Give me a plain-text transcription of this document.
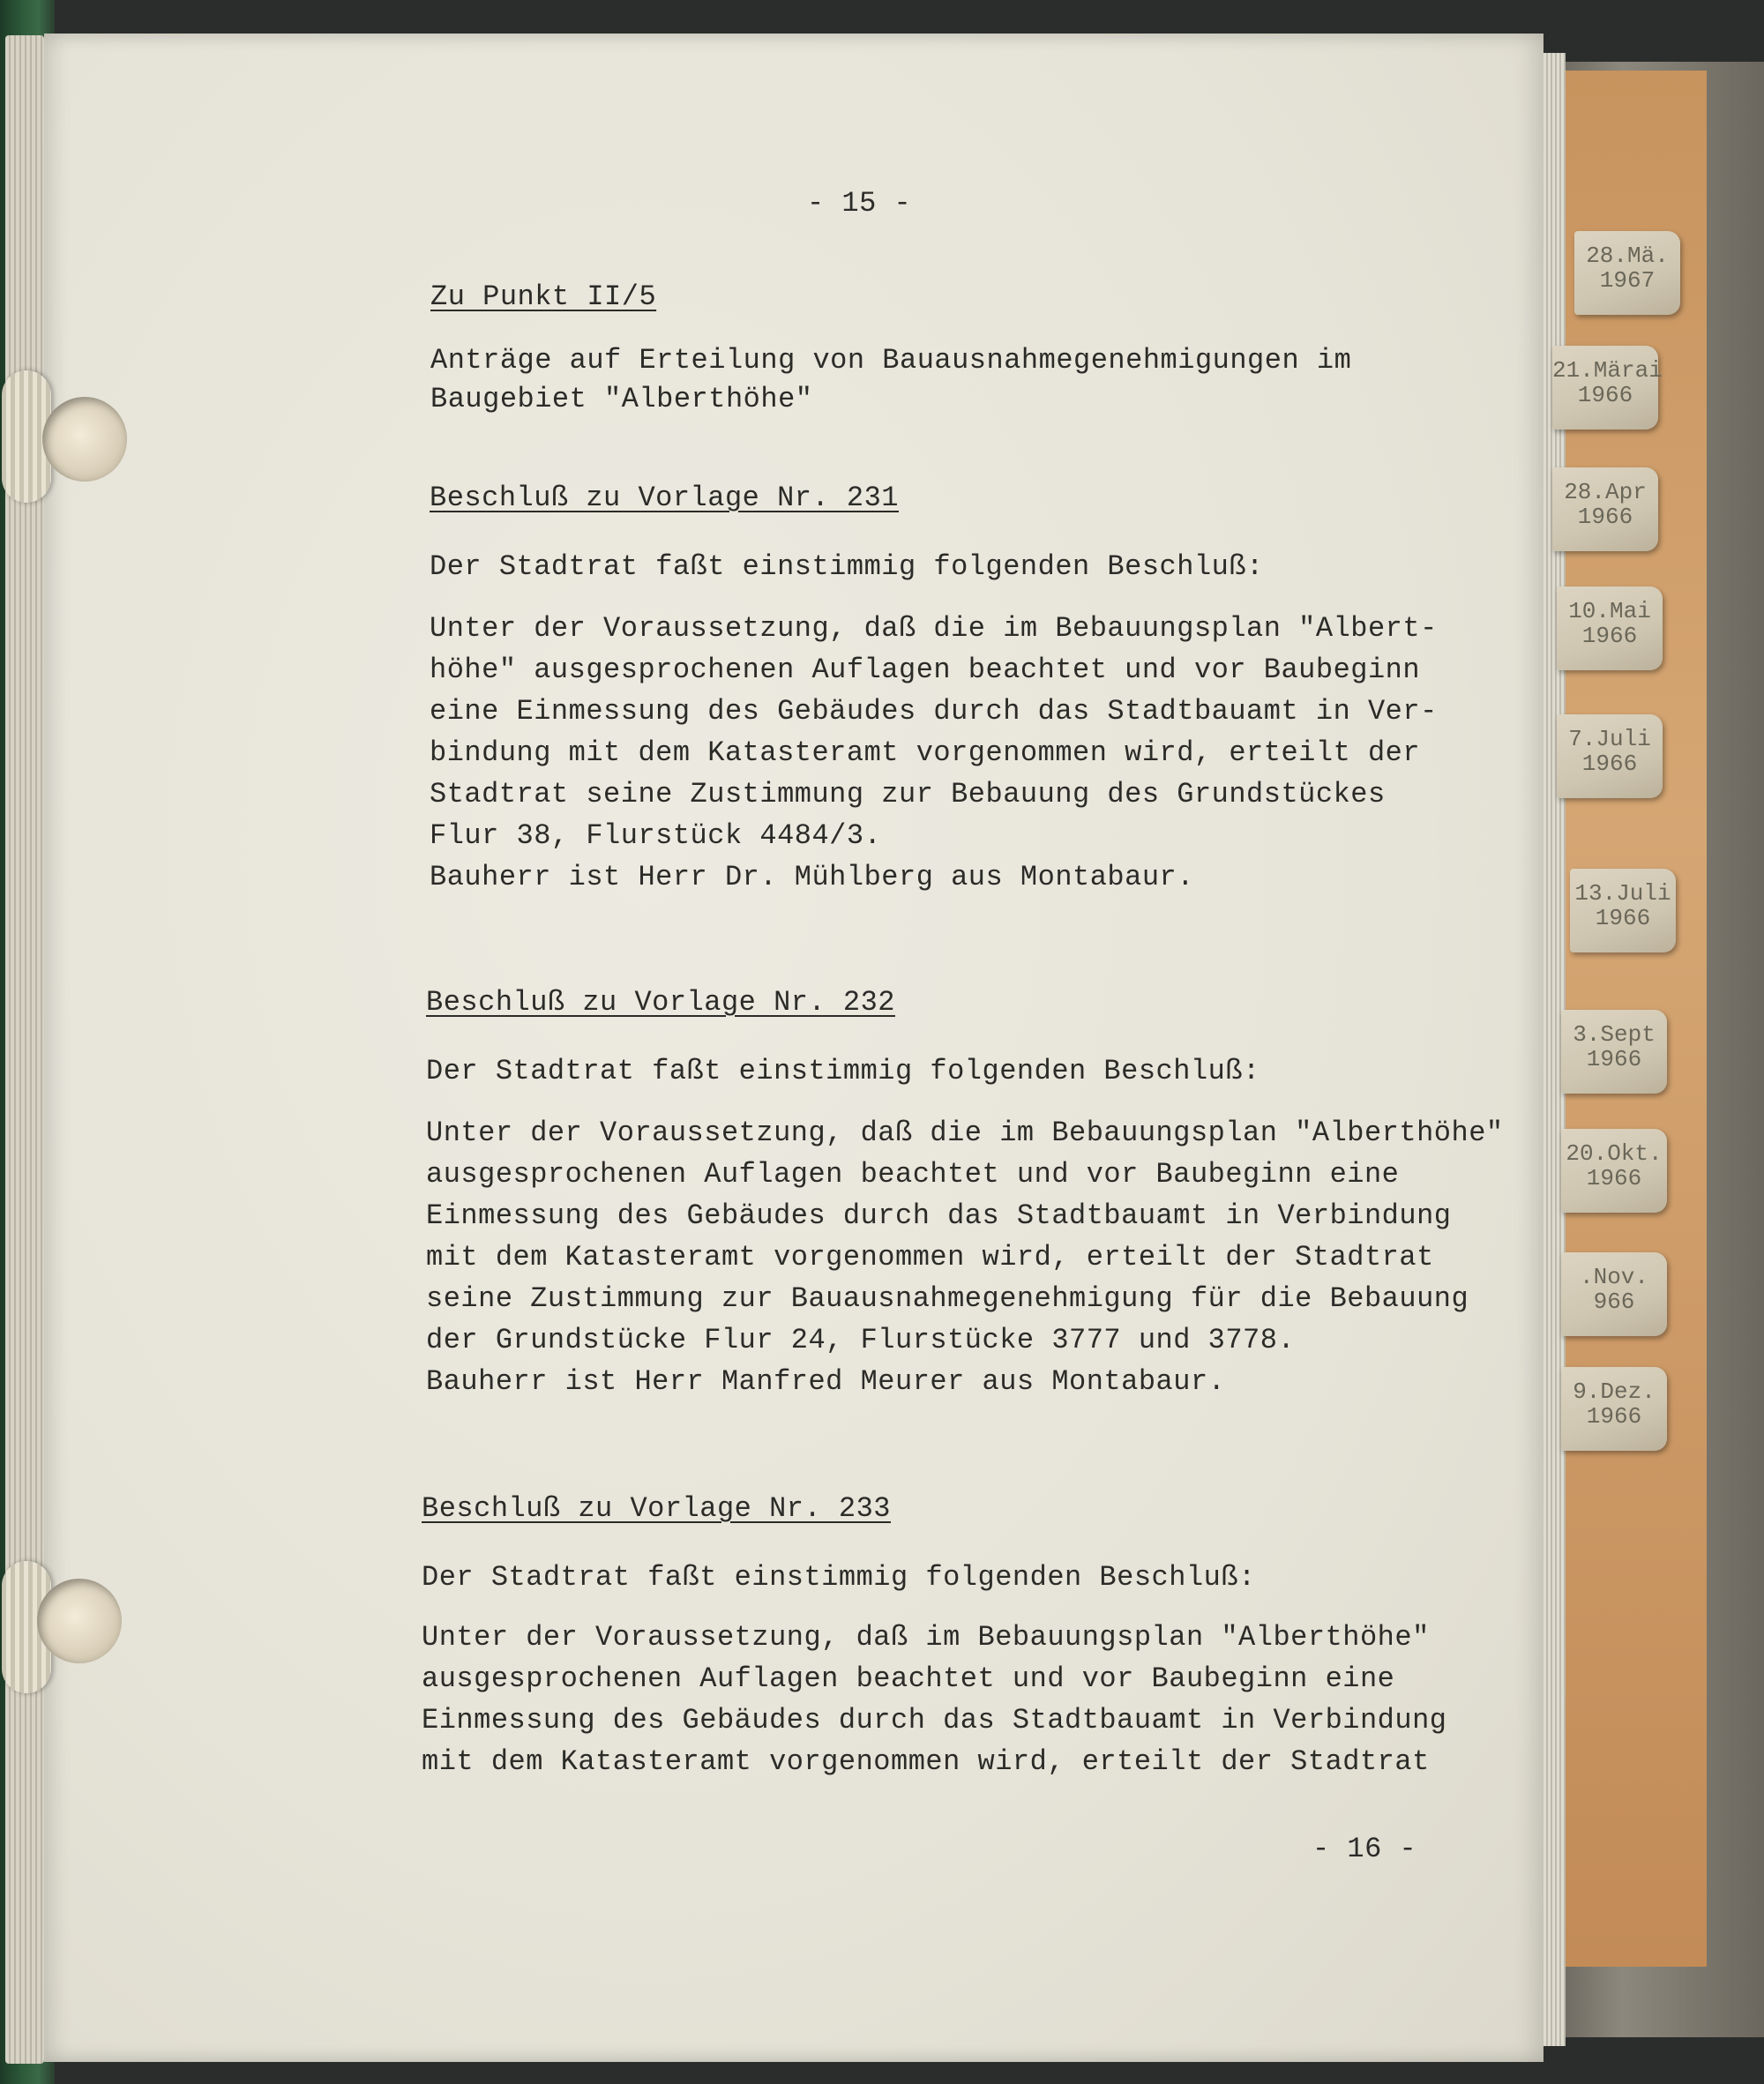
28.Mä.
1967
21.Märai
1966
28.Apr
1966
10.Mai
1966
7.Juli
1966
13.Juli
1966
3.Sept
1966
20.Okt.
1966
.Nov.
966
9.Dez.
1966
- 15 -
Zu Punkt II/5
Anträge auf Erteilung von Bauausnahmegenehmigungen im
Baugebiet "Alberthöhe"
Beschluß zu Vorlage Nr. 231
Der Stadtrat faßt einstimmig folgenden Beschluß:
Unter der Voraussetzung, daß die im Bebauungsplan "Albert-
höhe" ausgesprochenen Auflagen beachtet und vor Baubeginn
eine Einmessung des Gebäudes durch das Stadtbauamt in Ver-
bindung mit dem Katasteramt vorgenommen wird, erteilt der
Stadtrat seine Zustimmung zur Bebauung des Grundstückes
Flur 38, Flurstück 4484/3.
Bauherr ist Herr Dr. Mühlberg aus Montabaur.
Beschluß zu Vorlage Nr. 232
Der Stadtrat faßt einstimmig folgenden Beschluß:
Unter der Voraussetzung, daß die im Bebauungsplan "Alberthöhe"
ausgesprochenen Auflagen beachtet und vor Baubeginn eine
Einmessung des Gebäudes durch das Stadtbauamt in Verbindung
mit dem Katasteramt vorgenommen wird, erteilt der Stadtrat
seine Zustimmung zur Bauausnahmegenehmigung für die Bebauung
der Grundstücke Flur 24, Flurstücke 3777 und 3778.
Bauherr ist Herr Manfred Meurer aus Montabaur.
Beschluß zu Vorlage Nr. 233
Der Stadtrat faßt einstimmig folgenden Beschluß:
Unter der Voraussetzung, daß im Bebauungsplan "Alberthöhe"
ausgesprochenen Auflagen beachtet und vor Baubeginn eine
Einmessung des Gebäudes durch das Stadtbauamt in Verbindung
mit dem Katasteramt vorgenommen wird, erteilt der Stadtrat
- 16 -
